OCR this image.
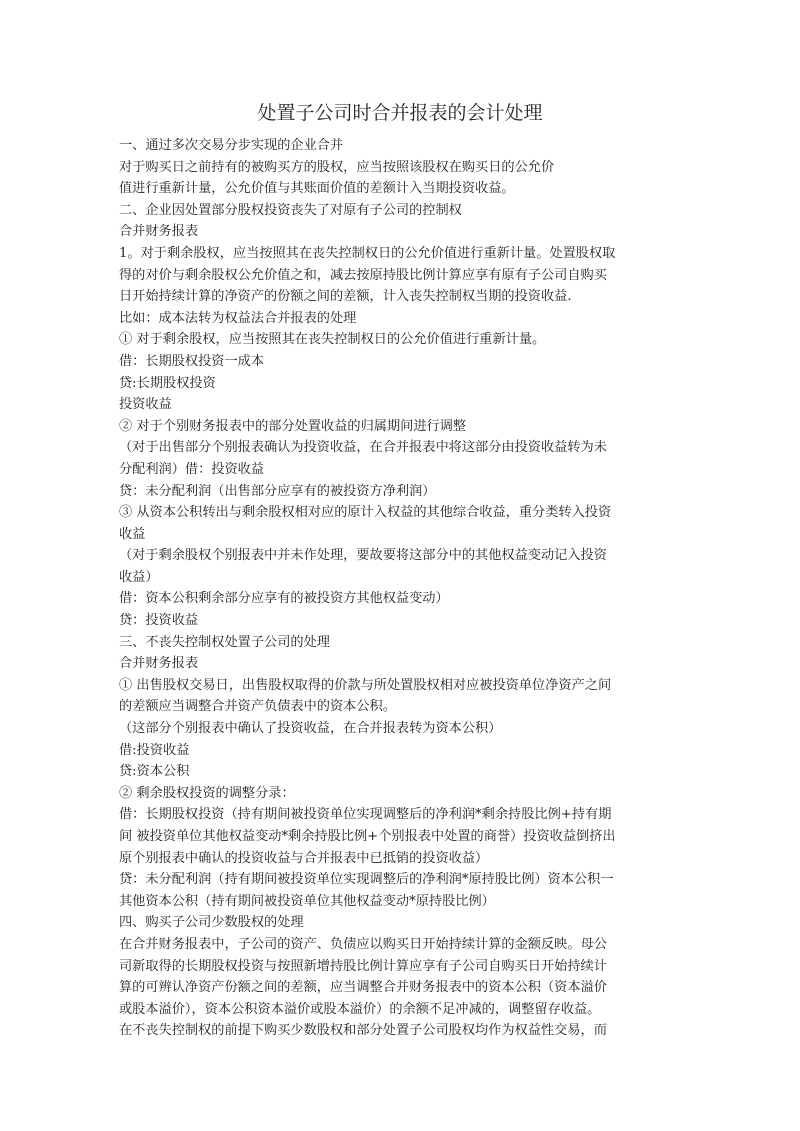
处置子公司时合并报表的会计处理

一、通过多次交易分步实现的企业合并

对于购买日之前持有的被购买方的股权，应当按照该股权在购买日的公允价

值进行重新计量，公允价值与其账面价值的差额计入当期投资收益。

二、企业因处置部分股权投资丧失了对原有子公司的控制权

合并财务报表

1。对于剩余股权，应当按照其在丧失控制权日的公允价值进行重新计量。处置股权取

得的对价与剩余股权公允价值之和，减去按原持股比例计算应享有原有子公司自购买

日开始持续计算的净资产的份额之间的差额，计入丧失控制权当期的投资收益.

比如：成本法转为权益法合并报表的处理

① 对于剩余股权，应当按照其在丧失控制权日的公允价值进行重新计量。

借：长期股权投资一成本

贷:长期股权投资

投资收益

② 对于个别财务报表中的部分处置收益的归属期间进行调整

（对于出售部分个别报表确认为投资收益，在合并报表中将这部分由投资收益转为未

分配利润）借：投资收益

贷：未分配利润（出售部分应享有的被投资方净利润）

③ 从资本公积转出与剩余股权相对应的原计入权益的其他综合收益，重分类转入投资

收益

（对于剩余股权个别报表中并未作处理，要故要将这部分中的其他权益变动记入投资

收益）

借：资本公积剩余部分应享有的被投资方其他权益变动）

贷：投资收益

三、不丧失控制权处置子公司的处理

合并财务报表

① 出售股权交易日，出售股权取得的价款与所处置股权相对应被投资单位净资产之间

的差额应当调整合并资产负债表中的资本公积。

（这部分个别报表中确认了投资收益，在合并报表转为资本公积）

借:投资收益

贷:资本公积

② 剩余股权投资的调整分录：

借：长期股权投资（持有期间被投资单位实现调整后的净利润*剩余持股比例+持有期

间 被投资单位其他权益变动*剩余持股比例+个别报表中处置的商誉）投资收益倒挤出

原个别报表中确认的投资收益与合并报表中已抵销的投资收益）

贷：未分配利润（持有期间被投资单位实现调整后的净利润*原持股比例）资本公积一

其他资本公积（持有期间被投资单位其他权益变动*原持股比例）

四、购买子公司少数股权的处理

在合并财务报表中，子公司的资产、负债应以购买日开始持续计算的金额反映。母公

司新取得的长期股权投资与按照新增持股比例计算应享有子公司自购买日开始持续计

算的可辨认净资产份额之间的差额，应当调整合并财务报表中的资本公积（资本溢价

或股本溢价），资本公积资本溢价或股本溢价）的余额不足冲减的，调整留存收益。

在不丧失控制权的前提下购买少数股权和部分处置子公司股权均作为权益性交易，而
